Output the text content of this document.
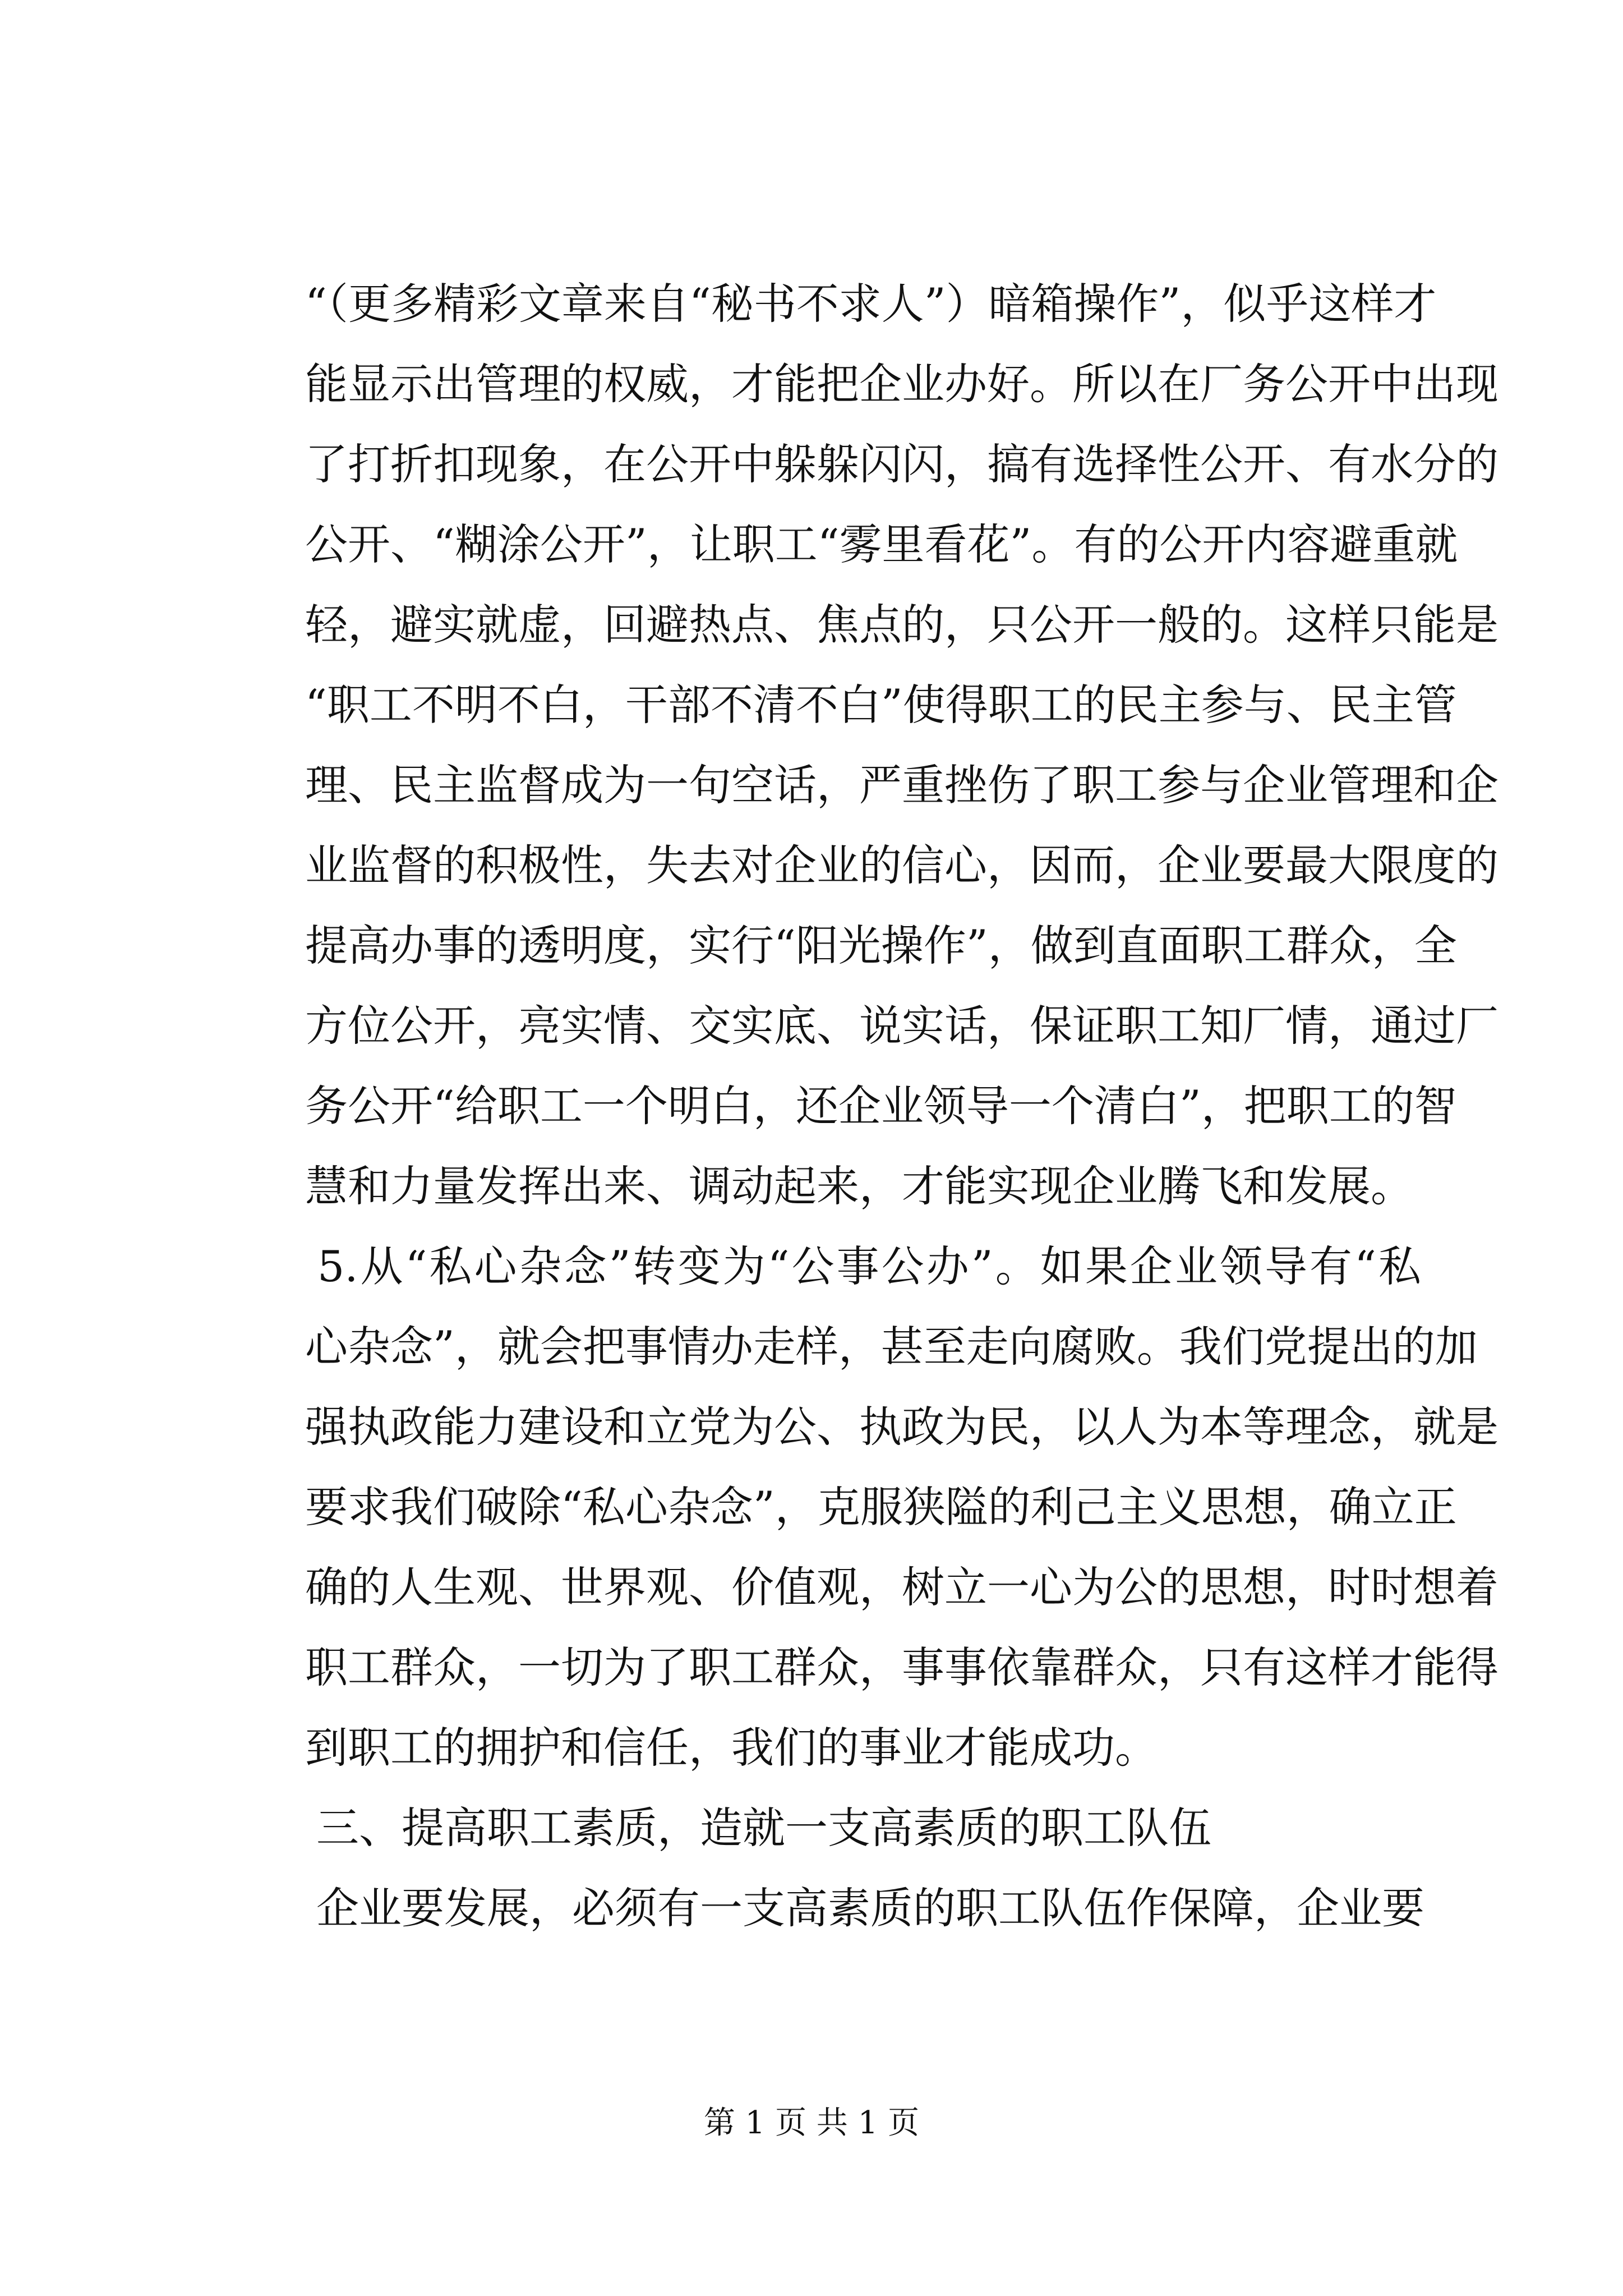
“（更多精彩文章来自“秘书不求人”）暗箱操作”，似乎这样才
能显示出管理的权威，才能把企业办好。所以在厂务公开中出现
了打折扣现象，在公开中躲躲闪闪，搞有选择性公开、有水分的
公开、“糊涂公开”，让职工“雾里看花”。有的公开内容避重就
轻，避实就虚，回避热点、焦点的，只公开一般的。这样只能是
“职工不明不白，干部不清不白”使得职工的民主参与、民主管
理、民主监督成为一句空话，严重挫伤了职工参与企业管理和企
业监督的积极性，失去对企业的信心，因而，企业要最大限度的
提高办事的透明度，实行“阳光操作”，做到直面职工群众，全
方位公开，亮实情、交实底、说实话，保证职工知厂情，通过厂
务公开“给职工一个明白，还企业领导一个清白”，把职工的智
慧和力量发挥出来、调动起来，才能实现企业腾飞和发展。
5.从“私心杂念”转变为“公事公办”。如果企业领导有“私
心杂念”，就会把事情办走样，甚至走向腐败。我们党提出的加
强执政能力建设和立党为公、执政为民，以人为本等理念，就是
要求我们破除“私心杂念”，克服狭隘的利己主义思想，确立正
确的人生观、世界观、价值观，树立一心为公的思想，时时想着
职工群众，一切为了职工群众，事事依靠群众，只有这样才能得
到职工的拥护和信任，我们的事业才能成功。
三、提高职工素质，造就一支高素质的职工队伍
企业要发展，必须有一支高素质的职工队伍作保障，企业要
第 1 页 共 1 页
